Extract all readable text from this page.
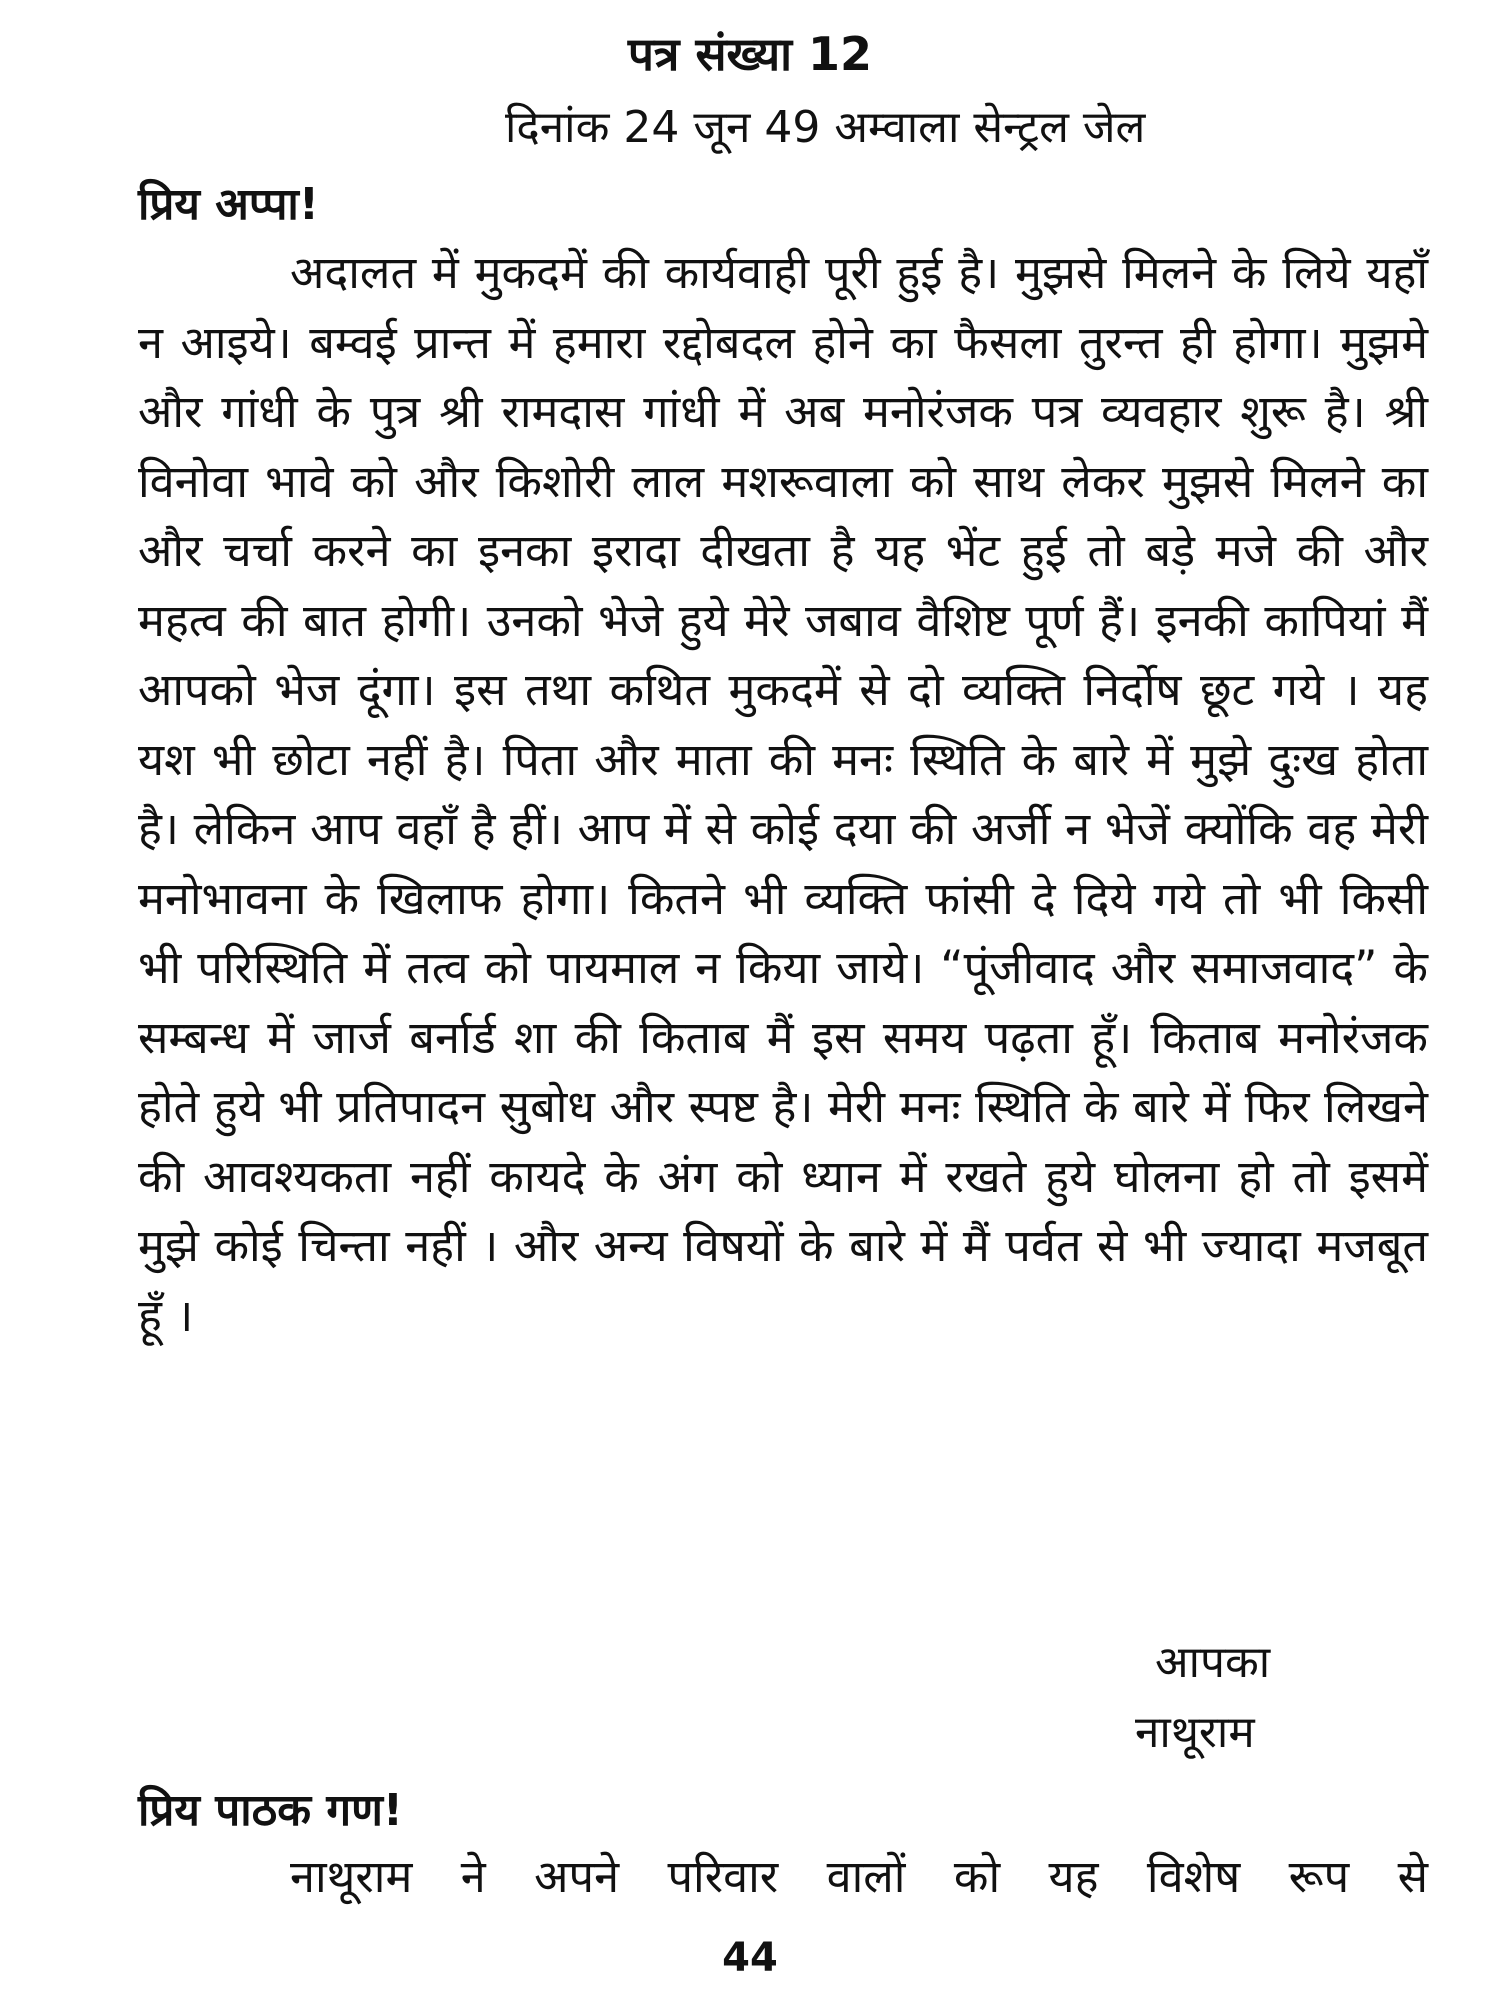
पत्र संख्या 12
दिनांक 24 जून 49 अम्वाला सेन्ट्रल जेल
प्रिय अप्पा!
अदालत में मुकदमें की कार्यवाही पूरी हुई है। मुझसे मिलने के लिये यहाँ न आइये। बम्वई प्रान्त में हमारा रद्दोबदल होने का फैसला तुरन्त ही होगा। मुझमे और गांधी के पुत्र श्री रामदास गांधी में अब मनोरंजक पत्र व्यवहार शुरू है। श्री विनोवा भावे को और किशोरी लाल मशरूवाला को साथ लेकर मुझसे मिलने का और चर्चा करने का इनका इरादा दीखता है यह भेंट हुई तो बड़े मजे की और महत्व की बात होगी। उनको भेजे हुये मेरे जबाव वैशिष्ट पूर्ण हैं। इनकी कापियां मैं आपको भेज दूंगा। इस तथा कथित मुकदमें से दो व्यक्ति निर्दोष छूट गये । यह यश भी छोटा नहीं है। पिता और माता की मनः स्थिति के बारे में मुझे दुःख होता है। लेकिन आप वहाँ है हीं। आप में से कोई दया की अर्जी न भेजें क्योंकि वह मेरी मनोभावना के खिलाफ होगा। कितने भी व्यक्ति फांसी दे दिये गये तो भी किसी भी परिस्थिति में तत्व को पायमाल न किया जाये। “पूंजीवाद और समाजवाद” के सम्बन्ध में जार्ज बर्नार्ड शा की किताब मैं इस समय पढ़ता हूँ। किताब मनोरंजक होते हुये भी प्रतिपादन सुबोध और स्पष्ट है। मेरी मनः स्थिति के बारे में फिर लिखने की आवश्यकता नहीं कायदे के अंग को ध्यान में रखते हुये घोलना हो तो इसमें मुझे कोई चिन्ता नहीं । और अन्य विषयों के बारे में मैं पर्वत से भी ज्यादा मजबूत हूँ ।
आपका
नाथूराम
प्रिय पाठक गण!
नाथूराम ने अपने परिवार वालों को यह विशेष रूप से
44
